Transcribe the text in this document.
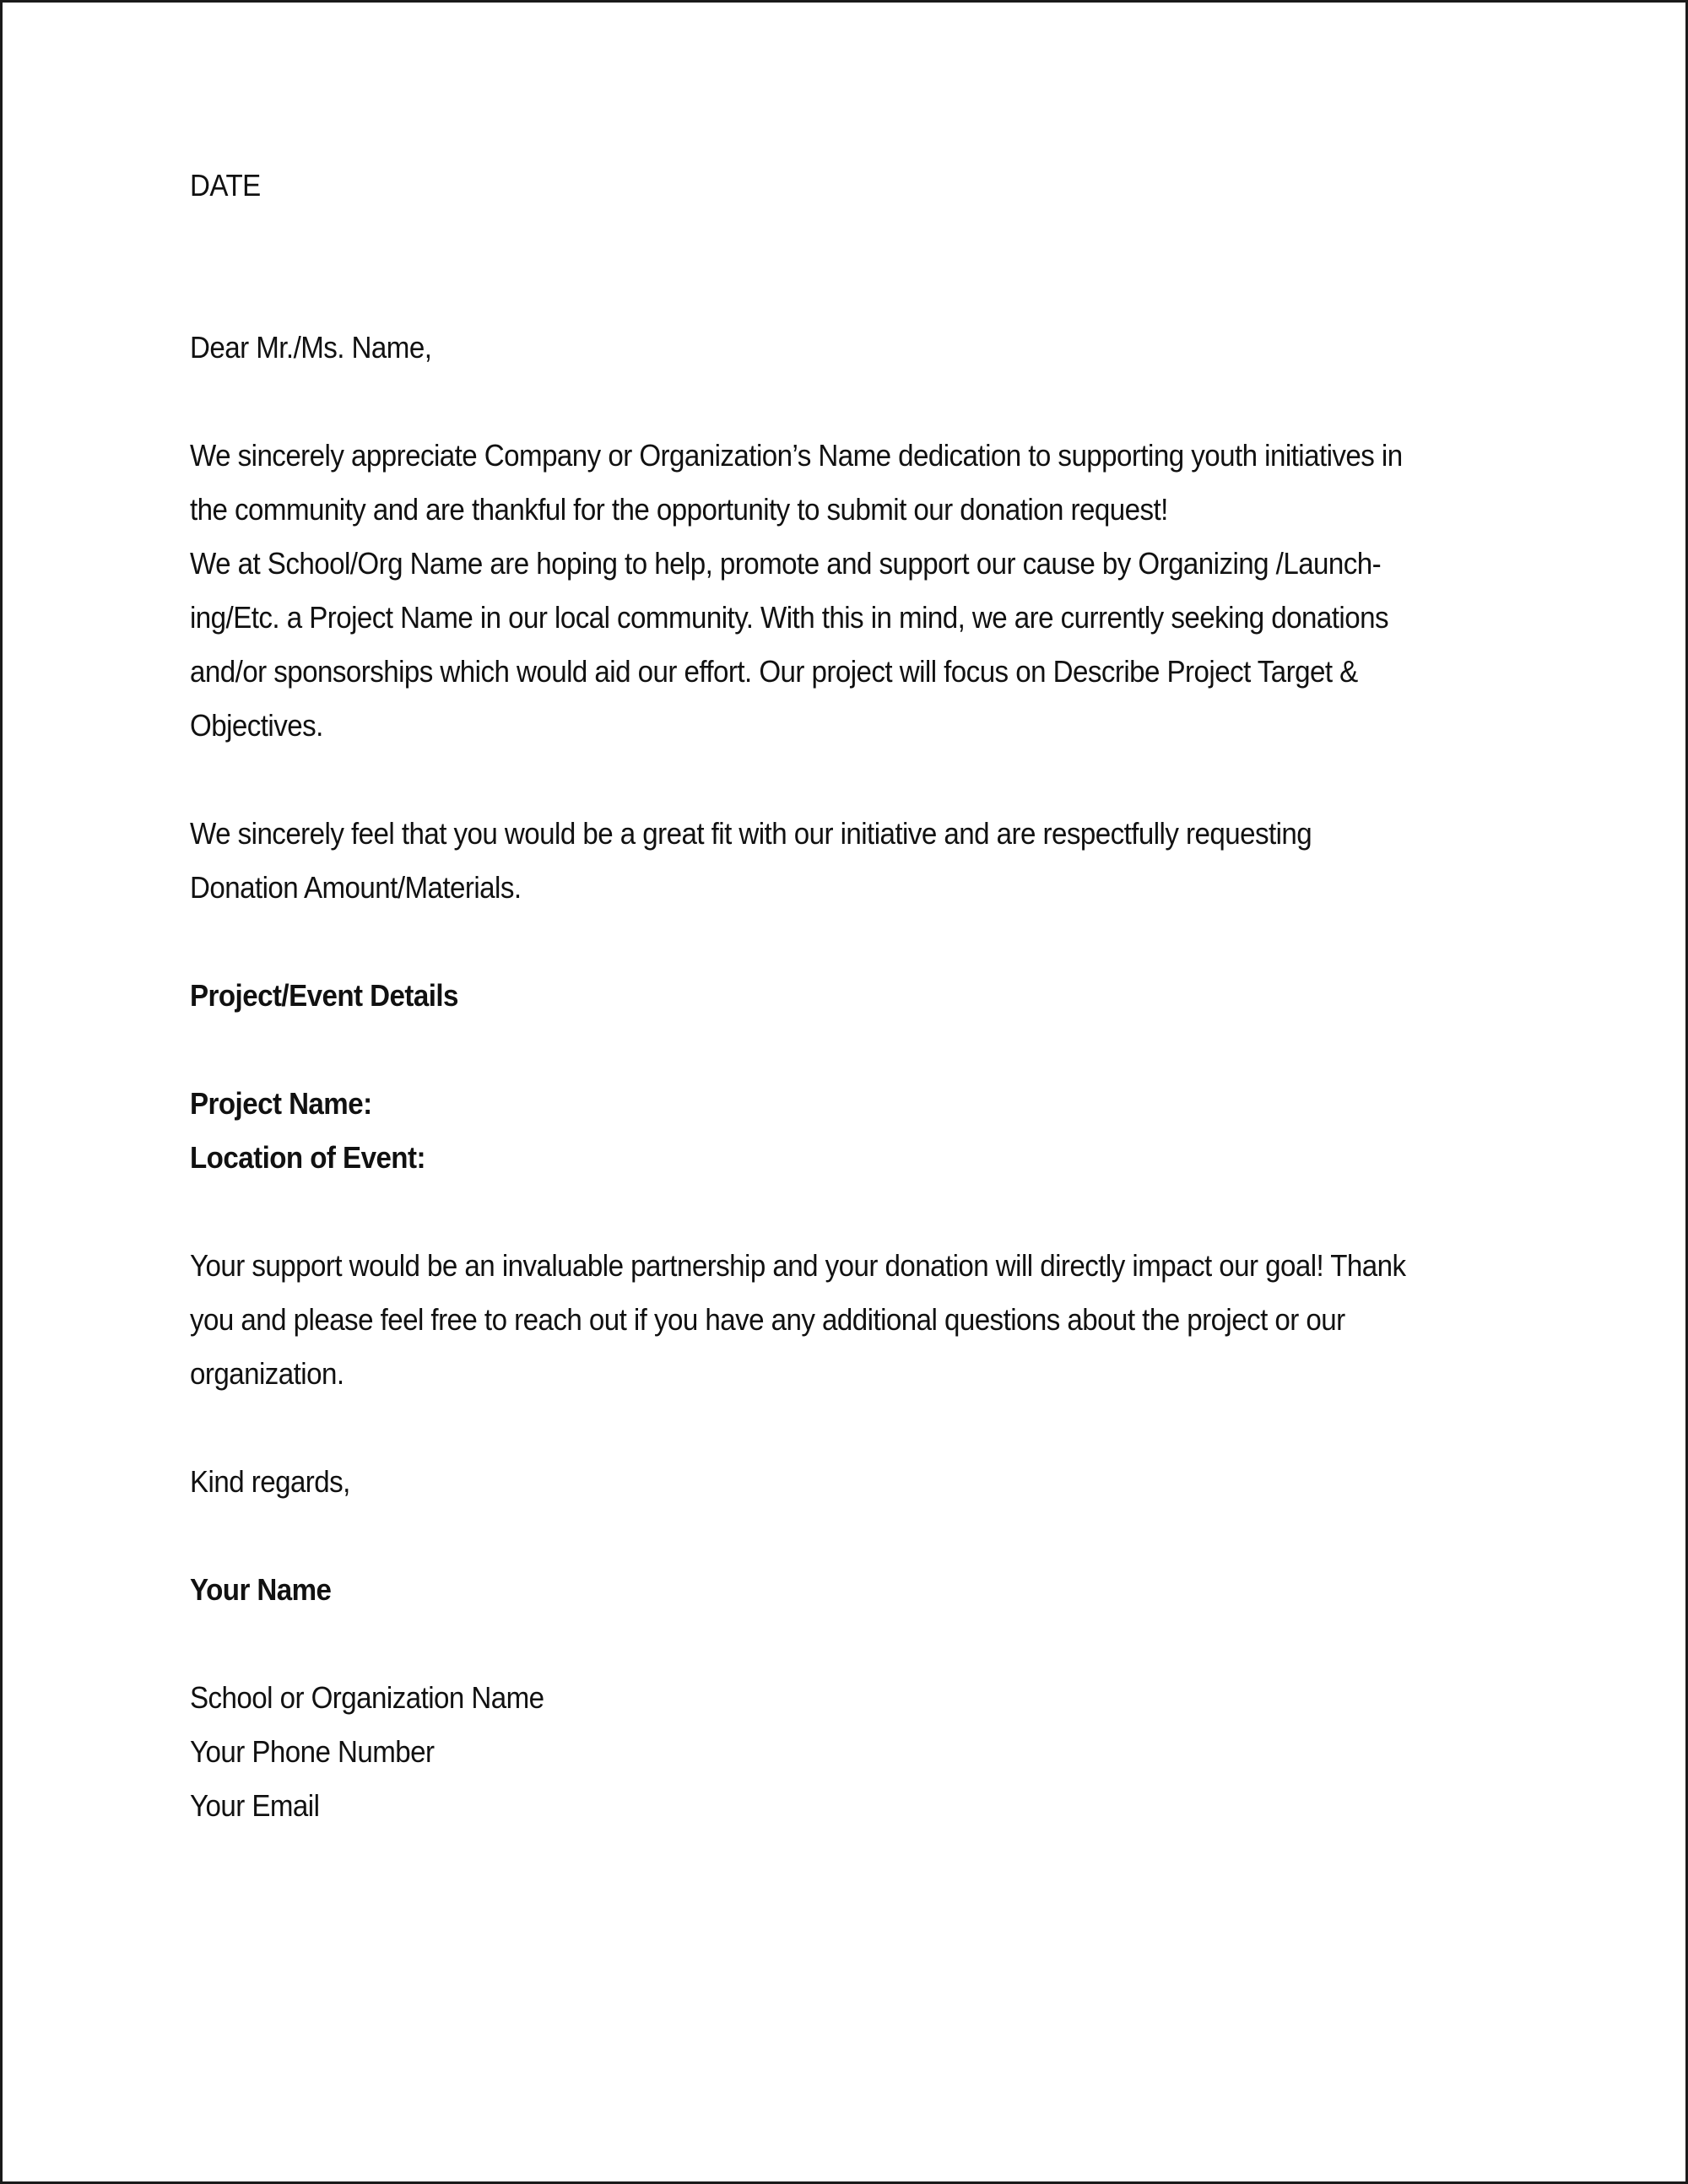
DATE
Dear Mr./Ms. Name,
We sincerely appreciate Company or Organization’s Name dedication to supporting youth initiatives in
the community and are thankful for the opportunity to submit our donation request!
We at School/Org Name are hoping to help, promote and support our cause by Organizing /Launch-
ing/Etc. a Project Name in our local community. With this in mind, we are currently seeking donations
and/or sponsorships which would aid our effort. Our project will focus on Describe Project Target &
Objectives.
We sincerely feel that you would be a great fit with our initiative and are respectfully requesting
Donation Amount/Materials.
Project/Event Details
Project Name:
Location of Event:
Your support would be an invaluable partnership and your donation will directly impact our goal! Thank
you and please feel free to reach out if you have any additional questions about the project or our
organization.
Kind regards,
Your Name
School or Organization Name
Your Phone Number
Your Email
